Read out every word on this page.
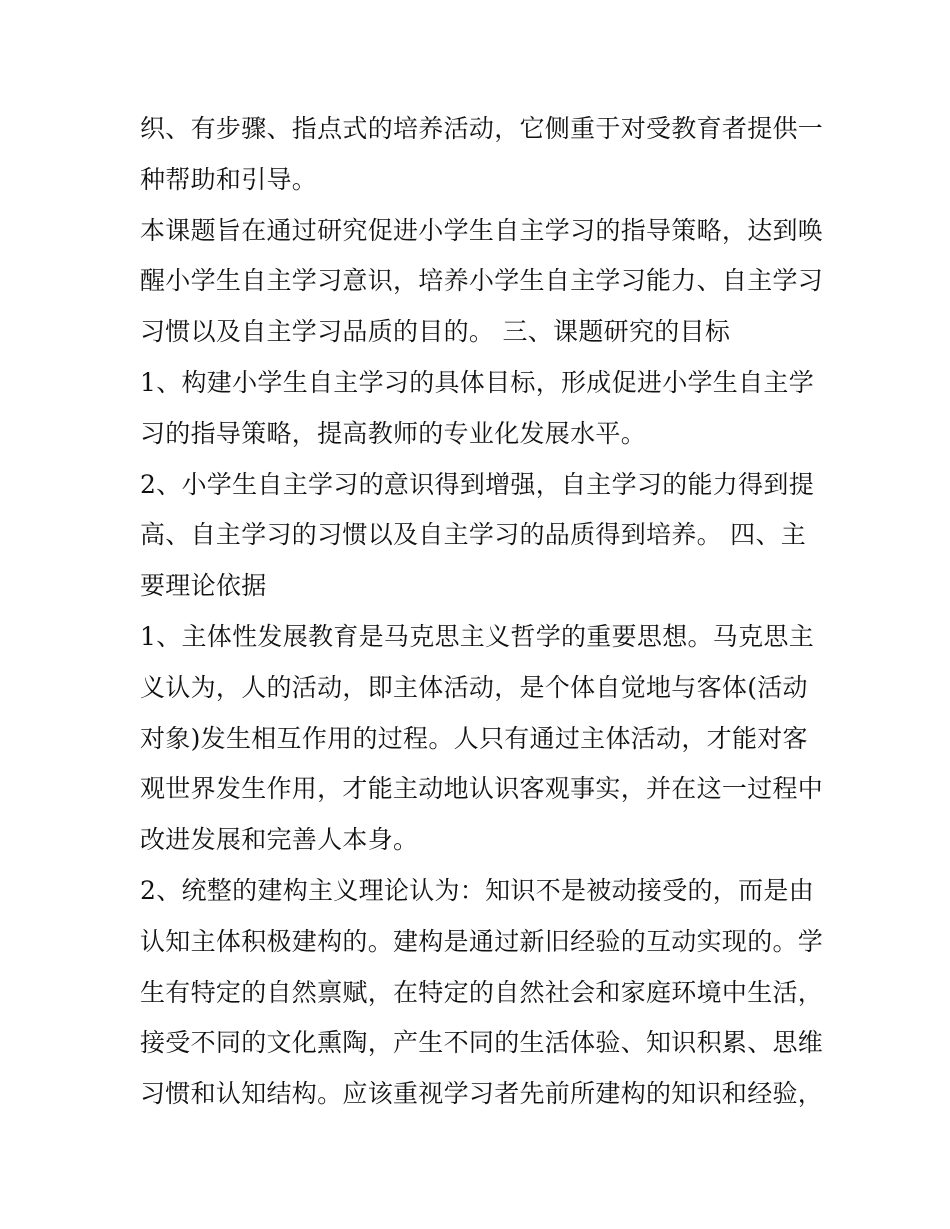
织、有步骤、指点式的培养活动，它侧重于对受教育者提供一
种帮助和引导。
本课题旨在通过研究促进小学生自主学习的指导策略，达到唤
醒小学生自主学习意识，培养小学生自主学习能力、自主学习
习惯以及自主学习品质的目的。 三、课题研究的目标
1、构建小学生自主学习的具体目标，形成促进小学生自主学
习的指导策略，提高教师的专业化发展水平。
2、小学生自主学习的意识得到增强，自主学习的能力得到提
高、自主学习的习惯以及自主学习的品质得到培养。 四、主
要理论依据
1、主体性发展教育是马克思主义哲学的重要思想。马克思主
义认为，人的活动，即主体活动，是个体自觉地与客体(活动
对象)发生相互作用的过程。人只有通过主体活动，才能对客
观世界发生作用，才能主动地认识客观事实，并在这一过程中
改进发展和完善人本身。
2、统整的建构主义理论认为：知识不是被动接受的，而是由
认知主体积极建构的。建构是通过新旧经验的互动实现的。学
生有特定的自然禀赋，在特定的自然社会和家庭环境中生活，
接受不同的文化熏陶，产生不同的生活体验、知识积累、思维
习惯和认知结构。应该重视学习者先前所建构的知识和经验，
